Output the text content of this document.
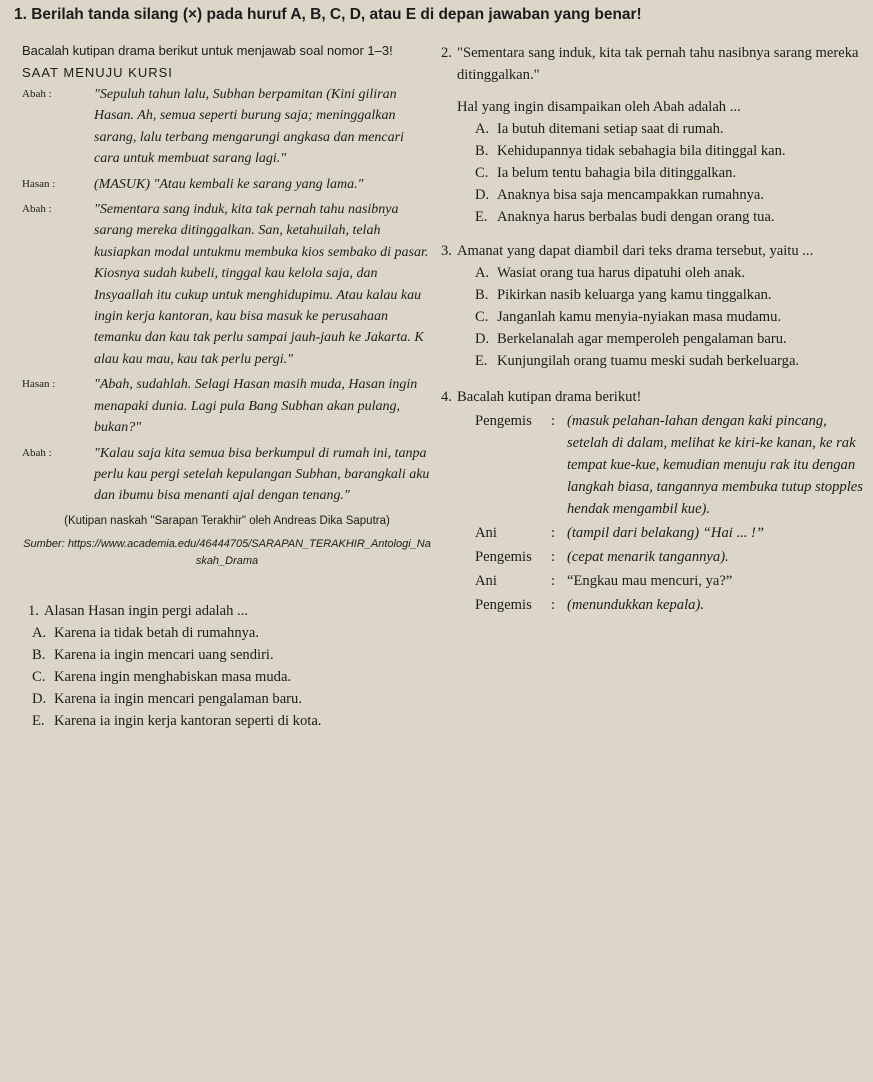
1. Berilah tanda silang (×) pada huruf A, B, C, D, atau E di depan jawaban yang benar!
Bacalah kutipan drama berikut untuk menjawab soal nomor 1–3!
SAAT MENUJU KURSI
Abah :	"Sepuluh tahun lalu, Subhan berpamitan (Kini giliran Hasan. Ah, semua seperti burung saja; meninggalkan sarang, lalu terbang mengarungi angkasa dan mencari cara untuk membuat sarang lagi."
Hasan :	(MASUK) "Atau kembali ke sarang yang lama."
Abah :	"Sementara sang induk, kita tak pernah tahu nasibnya sarang mereka ditinggalkan. San, ketahuilah, telah kusiapkan modal untukmu membuka kios sembako di pasar. Kiosnya sudah kubeli, tinggal kau kelola saja, dan Insyaallah itu cukup untuk menghidupimu. Atau kalau kau ingin kerja kantoran, kau bisa masuk ke perusahaan temanku dan kau tak perlu sampai jauh-jauh ke Jakarta. K alau kau mau, kau tak perlu pergi."
Hasan :	"Abah, sudahlah. Selagi Hasan masih muda, Hasan ingin menapaki dunia. Lagi pula Bang Subhan akan pulang, bukan?"
Abah :	"Kalau saja kita semua bisa berkumpul di rumah ini, tanpa perlu kau pergi setelah kepulangan Subhan, barangkali aku dan ibumu bisa menanti ajal dengan tenang."
(Kutipan naskah "Sarapan Terakhir" oleh Andreas Dika Saputra)
Sumber: https://www.academia.edu/46444705/SARAPAN_TERAKHIR_Antologi_Naskah_Drama
1. Alasan Hasan ingin pergi adalah ...
A. Karena ia tidak betah di rumahnya.
B. Karena ia ingin mencari uang sendiri.
C. Karena ingin menghabiskan masa muda.
D. Karena ia ingin mencari pengalaman baru.
E. Karena ia ingin kerja kantoran seperti di kota.
2. "Sementara sang induk, kita tak pernah tahu nasibnya sarang mereka ditinggalkan."
Hal yang ingin disampaikan oleh Abah adalah ...
A. Ia butuh ditemani setiap saat di rumah.
B. Kehidupannya tidak sebahagia bila ditinggal kan.
C. Ia belum tentu bahagia bila ditinggalkan.
D. Anaknya bisa saja mencampakkan rumahnya.
E. Anaknya harus berbalas budi dengan orang tua.
3. Amanat yang dapat diambil dari teks drama tersebut, yaitu ...
A. Wasiat orang tua harus dipatuhi oleh anak.
B. Pikirkan nasib keluarga yang kamu tinggalkan.
C. Janganlah kamu menyia-nyiakan masa mudamu.
D. Berkelanalah agar memperoleh pengalaman baru.
E. Kunjungilah orang tuamu meski sudah berkeluarga.
4. Bacalah kutipan drama berikut!
Pengemis	: (masuk pelahan-lahan dengan kaki pincang, setelah di dalam, melihat ke kiri-ke kanan, ke rak tempat kue-kue, kemudian menuju rak itu dengan langkah biasa, tangannya membuka tutup stopples hendak mengambil kue).
Ani	: (tampil dari belakang) “Hai ... !”
Pengemis	: (cepat menarik tangannya).
Ani	: “Engkau mau mencuri, ya?”
Pengemis	: (menundukkan kepala).
